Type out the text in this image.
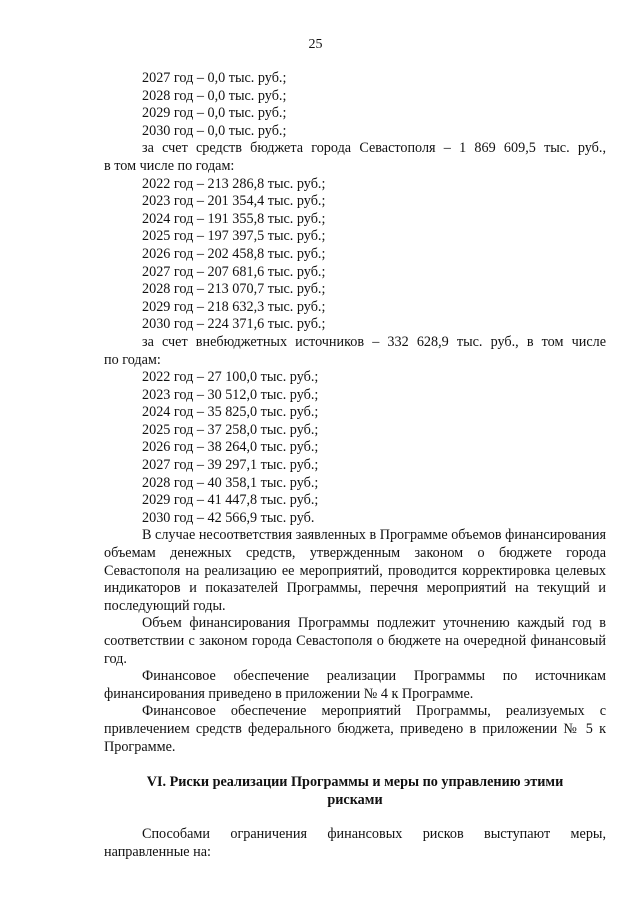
25

2027 год – 0,0 тыс. руб.;

2028 год – 0,0 тыс. руб.;

2029 год – 0,0 тыс. руб.;

2030 год – 0,0 тыс. руб.;

за счет средств бюджета города Севастополя – 1 869 609,5 тыс. руб.,

в том числе по годам:

2022 год – 213 286,8 тыс. руб.;

2023 год – 201 354,4 тыс. руб.;

2024 год – 191 355,8 тыс. руб.;

2025 год – 197 397,5 тыс. руб.;

2026 год – 202 458,8 тыс. руб.;

2027 год – 207 681,6 тыс. руб.;

2028 год – 213 070,7 тыс. руб.;

2029 год – 218 632,3 тыс. руб.;

2030 год – 224 371,6 тыс. руб.;

за счет внебюджетных источников – 332 628,9 тыс. руб., в том числе

по годам:

2022 год – 27 100,0 тыс. руб.;

2023 год – 30 512,0 тыс. руб.;

2024 год – 35 825,0 тыс. руб.;

2025 год – 37 258,0 тыс. руб.;

2026 год – 38 264,0 тыс. руб.;

2027 год – 39 297,1 тыс. руб.;

2028 год – 40 358,1 тыс. руб.;

2029 год – 41 447,8 тыс. руб.;

2030 год – 42 566,9 тыс. руб.

В случае несоответствия заявленных в Программе объемов финансирования объемам денежных средств, утвержденным законом о бюджете города Севастополя на реализацию ее мероприятий, проводится корректировка целевых индикаторов и показателей Программы, перечня мероприятий на текущий и последующий годы.

Объем финансирования Программы подлежит уточнению каждый год в соответствии с законом города Севастополя о бюджете на очередной финансовый год.

Финансовое обеспечение реализации Программы по источникам финансирования приведено в приложении № 4 к Программе.

Финансовое обеспечение мероприятий Программы, реализуемых с привлечением средств федерального бюджета, приведено в приложении № 5 к Программе.

VI. Риски реализации Программы и меры по управлению этими рисками

Способами ограничения финансовых рисков выступают меры, направленные на:
